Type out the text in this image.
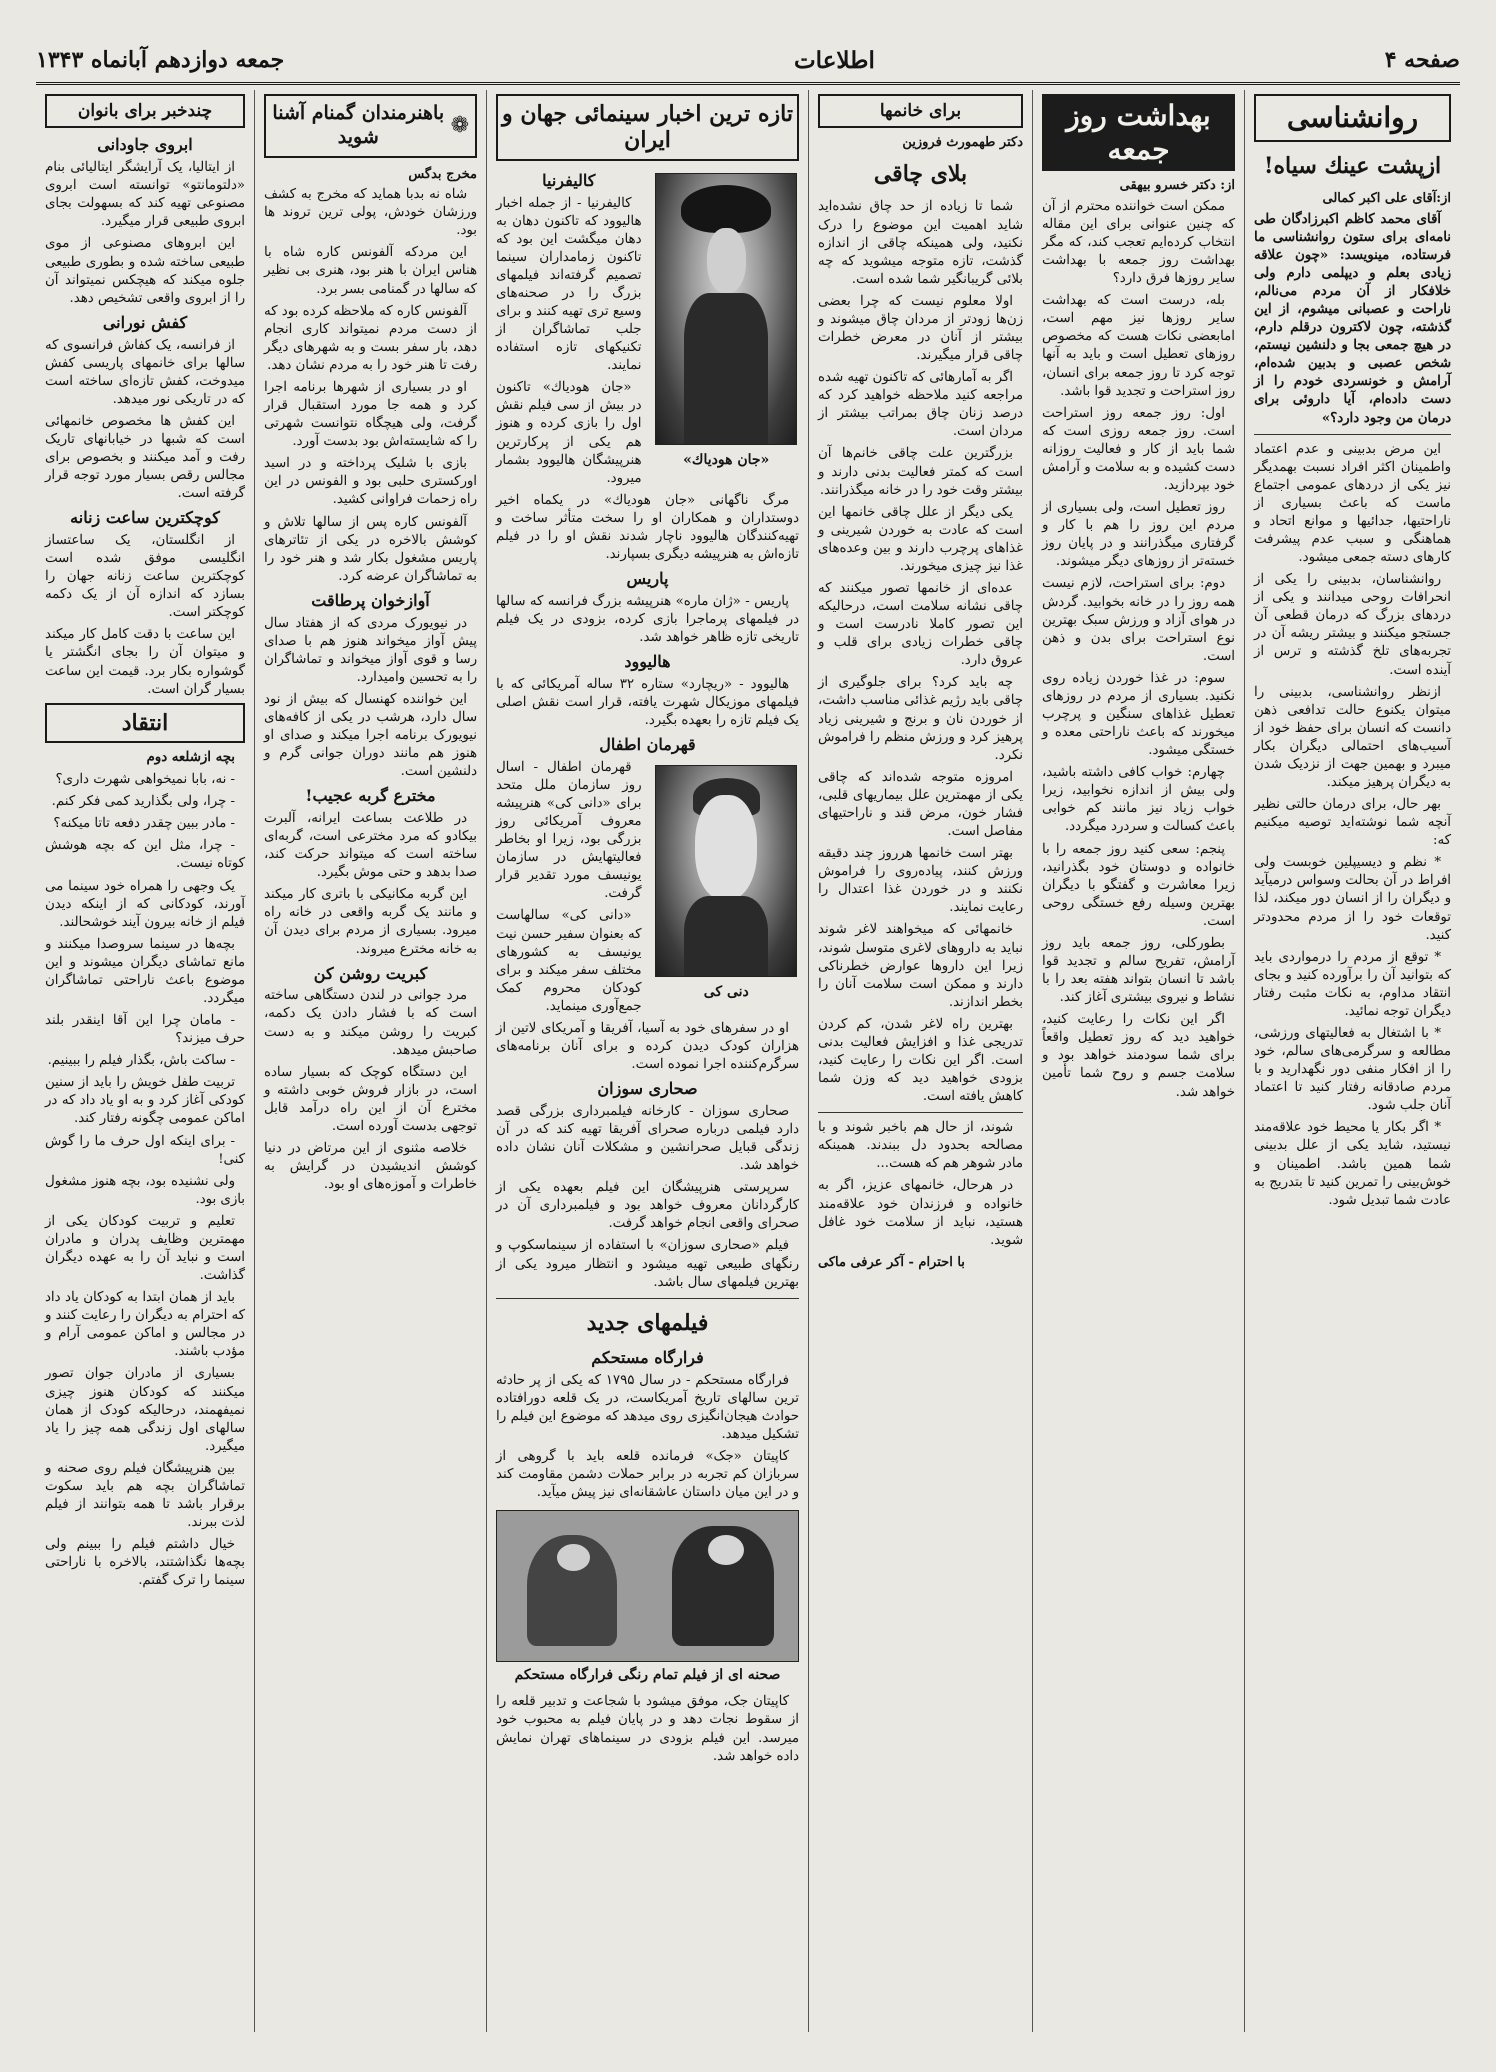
جمعه دوازدهم آبانماه ۱۳۴۳	اطلاعات	صفحه ۴
روانشناسی
ازپشت عینك سیاه!
از:آقای علی اکبر کمالی

آقای محمد کاظم اکبرزادگان طی نامه‌ای برای ستون روانشناسی ما فرستاده، مینویسد: «چون علاقه زیادی بعلم و دیپلمی دارم ولی خلافکار از آن مردم می‌نالم، ناراحت و عصبانی میشوم، از این گذشته، چون لاکترون درقلم دارم، در هیچ جمعی بجا و دلنشین نیستم، شخص عصبی و بدبین شده‌ام، آرامش و خونسردی خودم را از دست داده‌ام، آیا داروئی برای درمان من وجود دارد؟»

این مرض بدبینی و عدم اعتماد واطمینان اکثر افراد نسبت بهمدیگر نیز یکی از دردهای عمومی اجتماع ماست که باعث بسیاری از ناراحتیها، جدائیها و موانع اتحاد و هماهنگی و سبب عدم پیشرفت کارهای دسته جمعی میشود.

روانشناسان، بدبینی را یکی از انحرافات روحی میدانند و یکی از دردهای بزرگ که درمان قطعی آن جستجو میکنند و بیشتر ریشه آن در تجربه‌های تلخ گذشته و ترس از آینده است.

ازنظر روانشناسی، بدبینی را میتوان یکنوع حالت تدافعی ذهن دانست که انسان برای حفظ خود از آسیب‌های احتمالی دیگران بکار میبرد و بهمین جهت از نزدیک شدن به دیگران پرهیز میکند.

بهر حال، برای درمان حالتی نظیر آنچه شما نوشته‌اید توصیه میکنیم که:

* نظم و دیسیپلین خوبست ولی افراط در آن بحالت وسواس درمیآید و دیگران را از انسان دور میکند، لذا توقعات خود را از مردم محدودتر کنید.

* توقع از مردم را درمواردی باید که بتوانید آن را برآورده کنید و بجای انتقاد مداوم، به نکات مثبت رفتار دیگران توجه نمائید.

* با اشتغال به فعالیتهای ورزشی، مطالعه و سرگرمی‌های سالم، خود را از افکار منفی دور نگهدارید و با مردم صادقانه رفتار کنید تا اعتماد آنان جلب شود.

* اگر بکار یا محیط خود علاقه‌مند نیستید، شاید یکی از علل بدبینی شما همین باشد. اطمینان و خوش‌بینی را تمرین کنید تا بتدریج به عادت شما تبدیل شود.

بهداشت روز جمعه
از: دکتر خسرو بیهقی

ممکن است خواننده محترم از آن که چنین عنوانی برای این مقاله انتخاب کرده‌ایم تعجب کند، که مگر بهداشت روز جمعه با بهداشت سایر روزها فرق دارد؟

بله، درست است که بهداشت سایر روزها نیز مهم است، امابعضی نکات هست که مخصوص روزهای تعطیل است و باید به آنها توجه کرد تا روز جمعه برای انسان، روز استراحت و تجدید قوا باشد.

اول: روز جمعه روز استراحت است. روز جمعه روزی است که شما باید از کار و فعالیت روزانه دست کشیده و به سلامت و آرامش خود بپردازید.

روز تعطیل است، ولی بسیاری از مردم این روز را هم با کار و گرفتاری میگذرانند و در پایان روز خسته‌تر از روزهای دیگر میشوند.

دوم: برای استراحت، لازم نیست همه روز را در خانه بخوابید. گردش در هوای آزاد و ورزش سبک بهترین نوع استراحت برای بدن و ذهن است.

سوم: در غذا خوردن زیاده روی نکنید. بسیاری از مردم در روزهای تعطیل غذاهای سنگین و پرچرب میخورند که باعث ناراحتی معده و خستگی میشود.

چهارم: خواب کافی داشته باشید، ولی بیش از اندازه نخوابید، زیرا خواب زیاد نیز مانند کم خوابی باعث کسالت و سردرد میگردد.

پنجم: سعی کنید روز جمعه را با خانواده و دوستان خود بگذرانید، زیرا معاشرت و گفتگو با دیگران بهترین وسیله رفع خستگی روحی است.

بطورکلی، روز جمعه باید روز آرامش، تفریح سالم و تجدید قوا باشد تا انسان بتواند هفته بعد را با نشاط و نیروی بیشتری آغاز کند.

اگر این نکات را رعایت کنید، خواهید دید که روز تعطیل واقعاً برای شما سودمند خواهد بود و سلامت جسم و روح شما تأمین خواهد شد.

برای خانمها
دکتر طهمورث فروزین
بلای چاقی

شما تا زیاده از حد چاق نشده‌اید شاید اهمیت این موضوع را درک نکنید، ولی همینکه چاقی از اندازه گذشت، تازه متوجه میشوید که چه بلائی گریبانگیر شما شده است.

اولا معلوم نیست که چرا بعضی زن‌ها زودتر از مردان چاق میشوند و بیشتر از آنان در معرض خطرات چاقی قرار میگیرند.

اگر به آمارهائی که تاکنون تهیه شده مراجعه کنید ملاحظه خواهید کرد که درصد زنان چاق بمراتب بیشتر از مردان است.

بزرگترین علت چاقی خانم‌ها آن است که کمتر فعالیت بدنی دارند و بیشتر وقت خود را در خانه میگذرانند.

یکی دیگر از علل چاقی خانمها این است که عادت به خوردن شیرینی و غذاهای پرچرب دارند و بین وعده‌های غذا نیز چیزی میخورند.

عده‌ای از خانمها تصور میکنند که چاقی نشانه سلامت است، درحالیکه این تصور کاملا نادرست است و چاقی خطرات زیادی برای قلب و عروق دارد.

چه باید کرد؟ برای جلوگیری از چاقی باید رژیم غذائی مناسب داشت، از خوردن نان و برنج و شیرینی زیاد پرهیز کرد و ورزش منظم را فراموش نکرد.

امروزه متوجه شده‌اند که چاقی یکی از مهمترین علل بیماریهای قلبی، فشار خون، مرض قند و ناراحتیهای مفاصل است.

بهتر است خانمها هرروز چند دقیقه ورزش کنند، پیاده‌روی را فراموش نکنند و در خوردن غذا اعتدال را رعایت نمایند.

خانمهائی که میخواهند لاغر شوند نباید به داروهای لاغری متوسل شوند، زیرا این داروها عوارض خطرناکی دارند و ممکن است سلامت آنان را بخطر اندازند.

بهترین راه لاغر شدن، کم کردن تدریجی غذا و افزایش فعالیت بدنی است. اگر این نکات را رعایت کنید، بزودی خواهید دید که وزن شما کاهش یافته است.

شوند، از حال هم باخبر شوند و با مصالحه بحدود دل ببندند. همینکه مادر شوهر هم که هست...

در هرحال، خانمهای عزیز، اگر به خانواده و فرزندان خود علاقه‌مند هستید، نباید از سلامت خود غافل شوید.

با احترام - آکر عرفی ماکی
تازه ترین اخبار سینمائی جهان و ایران
کالیفرنیا

کالیفرنیا - از جمله اخبار هالیوود که تاکنون دهان به دهان میگشت این بود که تاکنون زمامداران سینما تصمیم گرفته‌اند فیلمهای بزرگ را در صحنه‌های وسیع تری تهیه کنند و برای جلب تماشاگران از تکنیکهای تازه استفاده نمایند.

«جان هودیاك» تاکنون در بیش از سی فیلم نقش اول را بازی کرده و هنوز هم یکی از پرکارترین هنرپیشگان هالیوود بشمار میرود.

«جان هودیاك»

مرگ ناگهانی «جان هودیاك» در یکماه اخیر دوستداران و همکاران او را سخت متأثر ساخت و تهیه‌کنندگان هالیوود ناچار شدند نقش او را در فیلم تازه‌اش به هنرپیشه دیگری بسپارند.

پاریس

پاریس - «ژان ماره» هنرپیشه بزرگ فرانسه که سالها در فیلمهای پرماجرا بازی کرده، بزودی در یک فیلم تاریخی تازه ظاهر خواهد شد.

هالیوود

هالیوود - «ریچارد» ستاره ۳۲ ساله آمریکائی که با فیلمهای موزیکال شهرت یافته، قرار است نقش اصلی یک فیلم تازه را بعهده بگیرد.

قهرمان اطفال

قهرمان اطفال - اسال روز سازمان ملل متحد برای «دانی کی» هنرپیشه معروف آمریکائی روز بزرگی بود، زیرا او بخاطر فعالیتهایش در سازمان یونیسف مورد تقدیر قرار گرفت.

«دانی کی» سالهاست که بعنوان سفیر حسن نیت یونیسف به کشورهای مختلف سفر میکند و برای کودکان محروم کمک جمع‌آوری مینماید.

دنی کی

او در سفرهای خود به آسیا، آفریقا و آمریکای لاتین از هزاران کودک دیدن کرده و برای آنان برنامه‌های سرگرم‌کننده اجرا نموده است.

صحاری سوزان

صحاری سوزان - کارخانه فیلمبرداری بزرگی قصد دارد فیلمی درباره صحرای آفریقا تهیه کند که در آن زندگی قبایل صحرانشین و مشکلات آنان نشان داده خواهد شد.

سرپرستی هنرپیشگان این فیلم بعهده یکی از کارگردانان معروف خواهد بود و فیلمبرداری آن در صحرای واقعی انجام خواهد گرفت.

فیلم «صحاری سوزان» با استفاده از سینماسکوپ و رنگهای طبیعی تهیه میشود و انتظار میرود یکی از بهترین فیلمهای سال باشد.

فیلمهای جدید
فرارگاه مستحکم

فرارگاه مستحکم - در سال ۱۷۹۵ که یکی از پر حادثه ترین سالهای تاریخ آمریکاست، در یک قلعه دورافتاده حوادث هیجان‌انگیزی روی میدهد که موضوع این فیلم را تشکیل میدهد.

کاپیتان «جک» فرمانده قلعه باید با گروهی از سربازان کم تجربه در برابر حملات دشمن مقاومت کند و در این میان داستان عاشقانه‌ای نیز پیش میآید.

صحنه ای از فیلم تمام رنگی فرارگاه مستحکم

کاپیتان جک، موفق میشود با شجاعت و تدبیر قلعه را از سقوط نجات دهد و در پایان فیلم به محبوب خود میرسد. این فیلم بزودی در سینماهای تهران نمایش داده خواهد شد.

❁
باهنرمندان گمنام آشنا شوید
مخرج بدگس

شاه نه بدبا هماید که مخرج به کشف ورزشان خودش، پولی ترین تروند ها بود.

این مردکه آلفونس کاره شاه با هناس ایران با هنر بود، هنری بی نظیر که سالها در گمنامی بسر برد.

آلفونس کاره که ملاحظه کرده بود که از دست مردم نمیتواند کاری انجام دهد، بار سفر بست و به شهرهای دیگر رفت تا هنر خود را به مردم نشان دهد.

او در بسیاری از شهرها برنامه اجرا کرد و همه جا مورد استقبال قرار گرفت، ولی هیچگاه نتوانست شهرتی را که شایسته‌اش بود بدست آورد.

بازی با شلیک پرداخته و در اسید اورکستری حلبی بود و الفونس در این راه زحمات فراوانی کشید.

آلفونس کاره پس از سالها تلاش و کوشش بالاخره در یکی از تئاترهای پاریس مشغول بکار شد و هنر خود را به تماشاگران عرضه کرد.

آوازخوان پرطاقت

در نیویورک مردی که از هفتاد سال پیش آواز میخواند هنوز هم با صدای رسا و قوی آواز میخواند و تماشاگران را به تحسین وامیدارد.

این خواننده کهنسال که بیش از نود سال دارد، هرشب در یکی از کافه‌های نیویورک برنامه اجرا میکند و صدای او هنوز هم مانند دوران جوانی گرم و دلنشین است.

مخترع گربه عجیب!

در طلاعت بساعت ایرانه، آلبرت بیکادو که مرد مخترعی است، گربه‌ای ساخته است که میتواند حرکت کند، صدا بدهد و حتی موش بگیرد.

این گربه مکانیکی با باتری کار میکند و مانند یک گربه واقعی در خانه راه میرود. بسیاری از مردم برای دیدن آن به خانه مخترع میروند.

کبریت روشن کن

مرد جوانی در لندن دستگاهی ساخته است که با فشار دادن یک دکمه، کبریت را روشن میکند و به دست صاحبش میدهد.

این دستگاه کوچک که بسیار ساده است، در بازار فروش خوبی داشته و مخترع آن از این راه درآمد قابل توجهی بدست آورده است.

خلاصه مثنوی از این مرتاض در دنیا کوشش اندیشیدن در گرایش به خاطرات و آموزه‌های او بود.

چندخبر برای بانوان
ابروی جاودانی

از ایتالیا، یک آرایشگر ایتالیائی بنام «دلتومانتو» توانسته است ابروی مصنوعی تهیه کند که بسهولت بجای ابروی طبیعی قرار میگیرد.

این ابروهای مصنوعی از موی طبیعی ساخته شده و بطوری طبیعی جلوه میکند که هیچکس نمیتواند آن را از ابروی واقعی تشخیص دهد.

کفش نورانی

از فرانسه، یک کفاش فرانسوی که سالها برای خانمهای پاریسی کفش میدوخت، کفش تازه‌ای ساخته است که در تاریکی نور میدهد.

این کفش ها مخصوص خانمهائی است که شبها در خیابانهای تاریک رفت و آمد میکنند و بخصوص برای مجالس رقص بسیار مورد توجه قرار گرفته است.

کوچکترین ساعت زنانه

از انگلستان، یک ساعتساز انگلیسی موفق شده است کوچکترین ساعت زنانه جهان را بسازد که اندازه آن از یک دکمه کوچکتر است.

این ساعت با دقت کامل کار میکند و میتوان آن را بجای انگشتر یا گوشواره بکار برد. قیمت این ساعت بسیار گران است.

انتقاد

بچه ازشلعه دوم

- نه، بابا نمیخواهی شهرت داری؟

- چرا، ولی بگذارید کمی فکر کنم.

- مادر ببین چقدر دفعه تاتا میکنه؟

- چرا، مثل این که بچه هوشش کوتاه نیست.

یک وجهی را همراه خود سینما می آورند، کودکانی که از اینکه دیدن فیلم از خانه بیرون آیند خوشحالند.

بچه‌ها در سینما سروصدا میکنند و مانع تماشای دیگران میشوند و این موضوع باعث ناراحتی تماشاگران میگردد.

- مامان چرا این آقا اینقدر بلند حرف میزند؟

- ساکت باش، بگذار فیلم را ببینیم.

تربیت طفل خویش را باید از سنین کودکی آغاز کرد و به او یاد داد که در اماکن عمومی چگونه رفتار کند.

- برای اینکه اول حرف ما را گوش کنی!

ولی نشنیده بود، بچه هنوز مشغول بازی بود.

تعلیم و تربیت کودکان یکی از مهمترین وظایف پدران و مادران است و نباید آن را به عهده دیگران گذاشت.

باید از همان ابتدا به کودکان یاد داد که احترام به دیگران را رعایت کنند و در مجالس و اماکن عمومی آرام و مؤدب باشند.

بسیاری از مادران جوان تصور میکنند که کودکان هنوز چیزی نمیفهمند، درحالیکه کودک از همان سالهای اول زندگی همه چیز را یاد میگیرد.

بین هنرپیشگان فیلم روی صحنه و تماشاگران بچه هم باید سکوت برقرار باشد تا همه بتوانند از فیلم لذت ببرند.

خیال داشتم فیلم را ببینم ولی بچه‌ها نگذاشتند، بالاخره با ناراحتی سینما را ترک گفتم.
